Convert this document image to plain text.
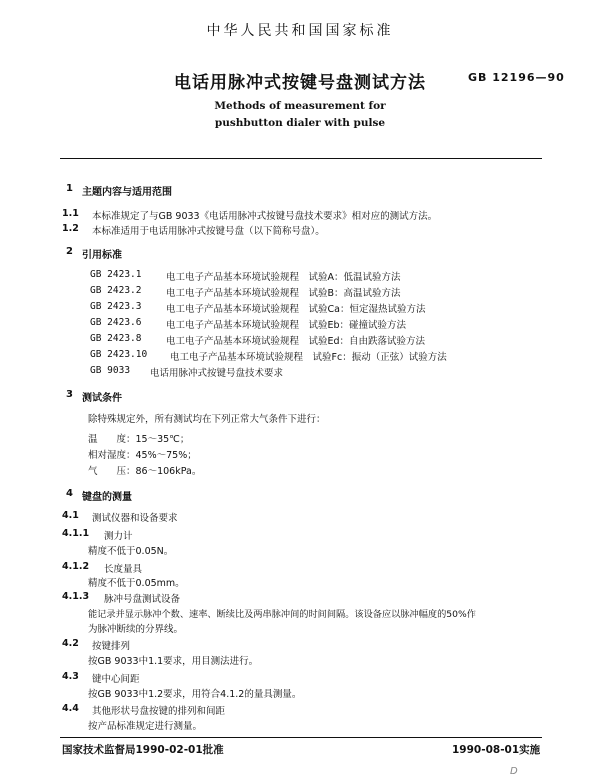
中华人民共和国国家标准
电话用脉冲式按键号盘测试方法	GB 12196—90
Methods of measurement for
pushbutton dialer with pulse
1 主题内容与适用范围
1.1 本标准规定了与GB 9033《电话用脉冲式按键号盘技术要求》相对应的测试方法。
1.2 本标准适用于电话用脉冲式按键号盘（以下简称号盘）。
2 引用标准
GB 2423.1	电工电子产品基本环境试验规程　试验A：低温试验方法
GB 2423.2	电工电子产品基本环境试验规程　试验B：高温试验方法
GB 2423.3	电工电子产品基本环境试验规程　试验Ca：恒定湿热试验方法
GB 2423.6	电工电子产品基本环境试验规程　试验Eb：碰撞试验方法
GB 2423.8	电工电子产品基本环境试验规程　试验Ed：自由跌落试验方法
GB 2423.10 电工电子产品基本环境试验规程　试验Fc：振动（正弦）试验方法
GB 9033 电话用脉冲式按键号盘技术要求
3 测试条件
除特殊规定外，所有测试均在下列正常大气条件下进行：
温　　度：15～35℃；
相对湿度：45%～75%；
气　　压：86～106kPa。
4 键盘的测量
4.1 测试仪器和设备要求
4.1.1 测力计
精度不低于0.05N。
4.1.2 长度量具
精度不低于0.05mm。
4.1.3 脉冲号盘测试设备
能记录并显示脉冲个数、速率、断续比及两串脉冲间的时间间隔。该设备应以脉冲幅度的50%作
为脉冲断续的分界线。
4.2 按键排列
按GB 9033中1.1要求，用目测法进行。
4.3 键中心间距
按GB 9033中1.2要求，用符合4.1.2的量具测量。
4.4 其他形状号盘按键的排列和间距
按产品标准规定进行测量。
国家技术监督局1990-02-01批准	1990-08-01实施
D
